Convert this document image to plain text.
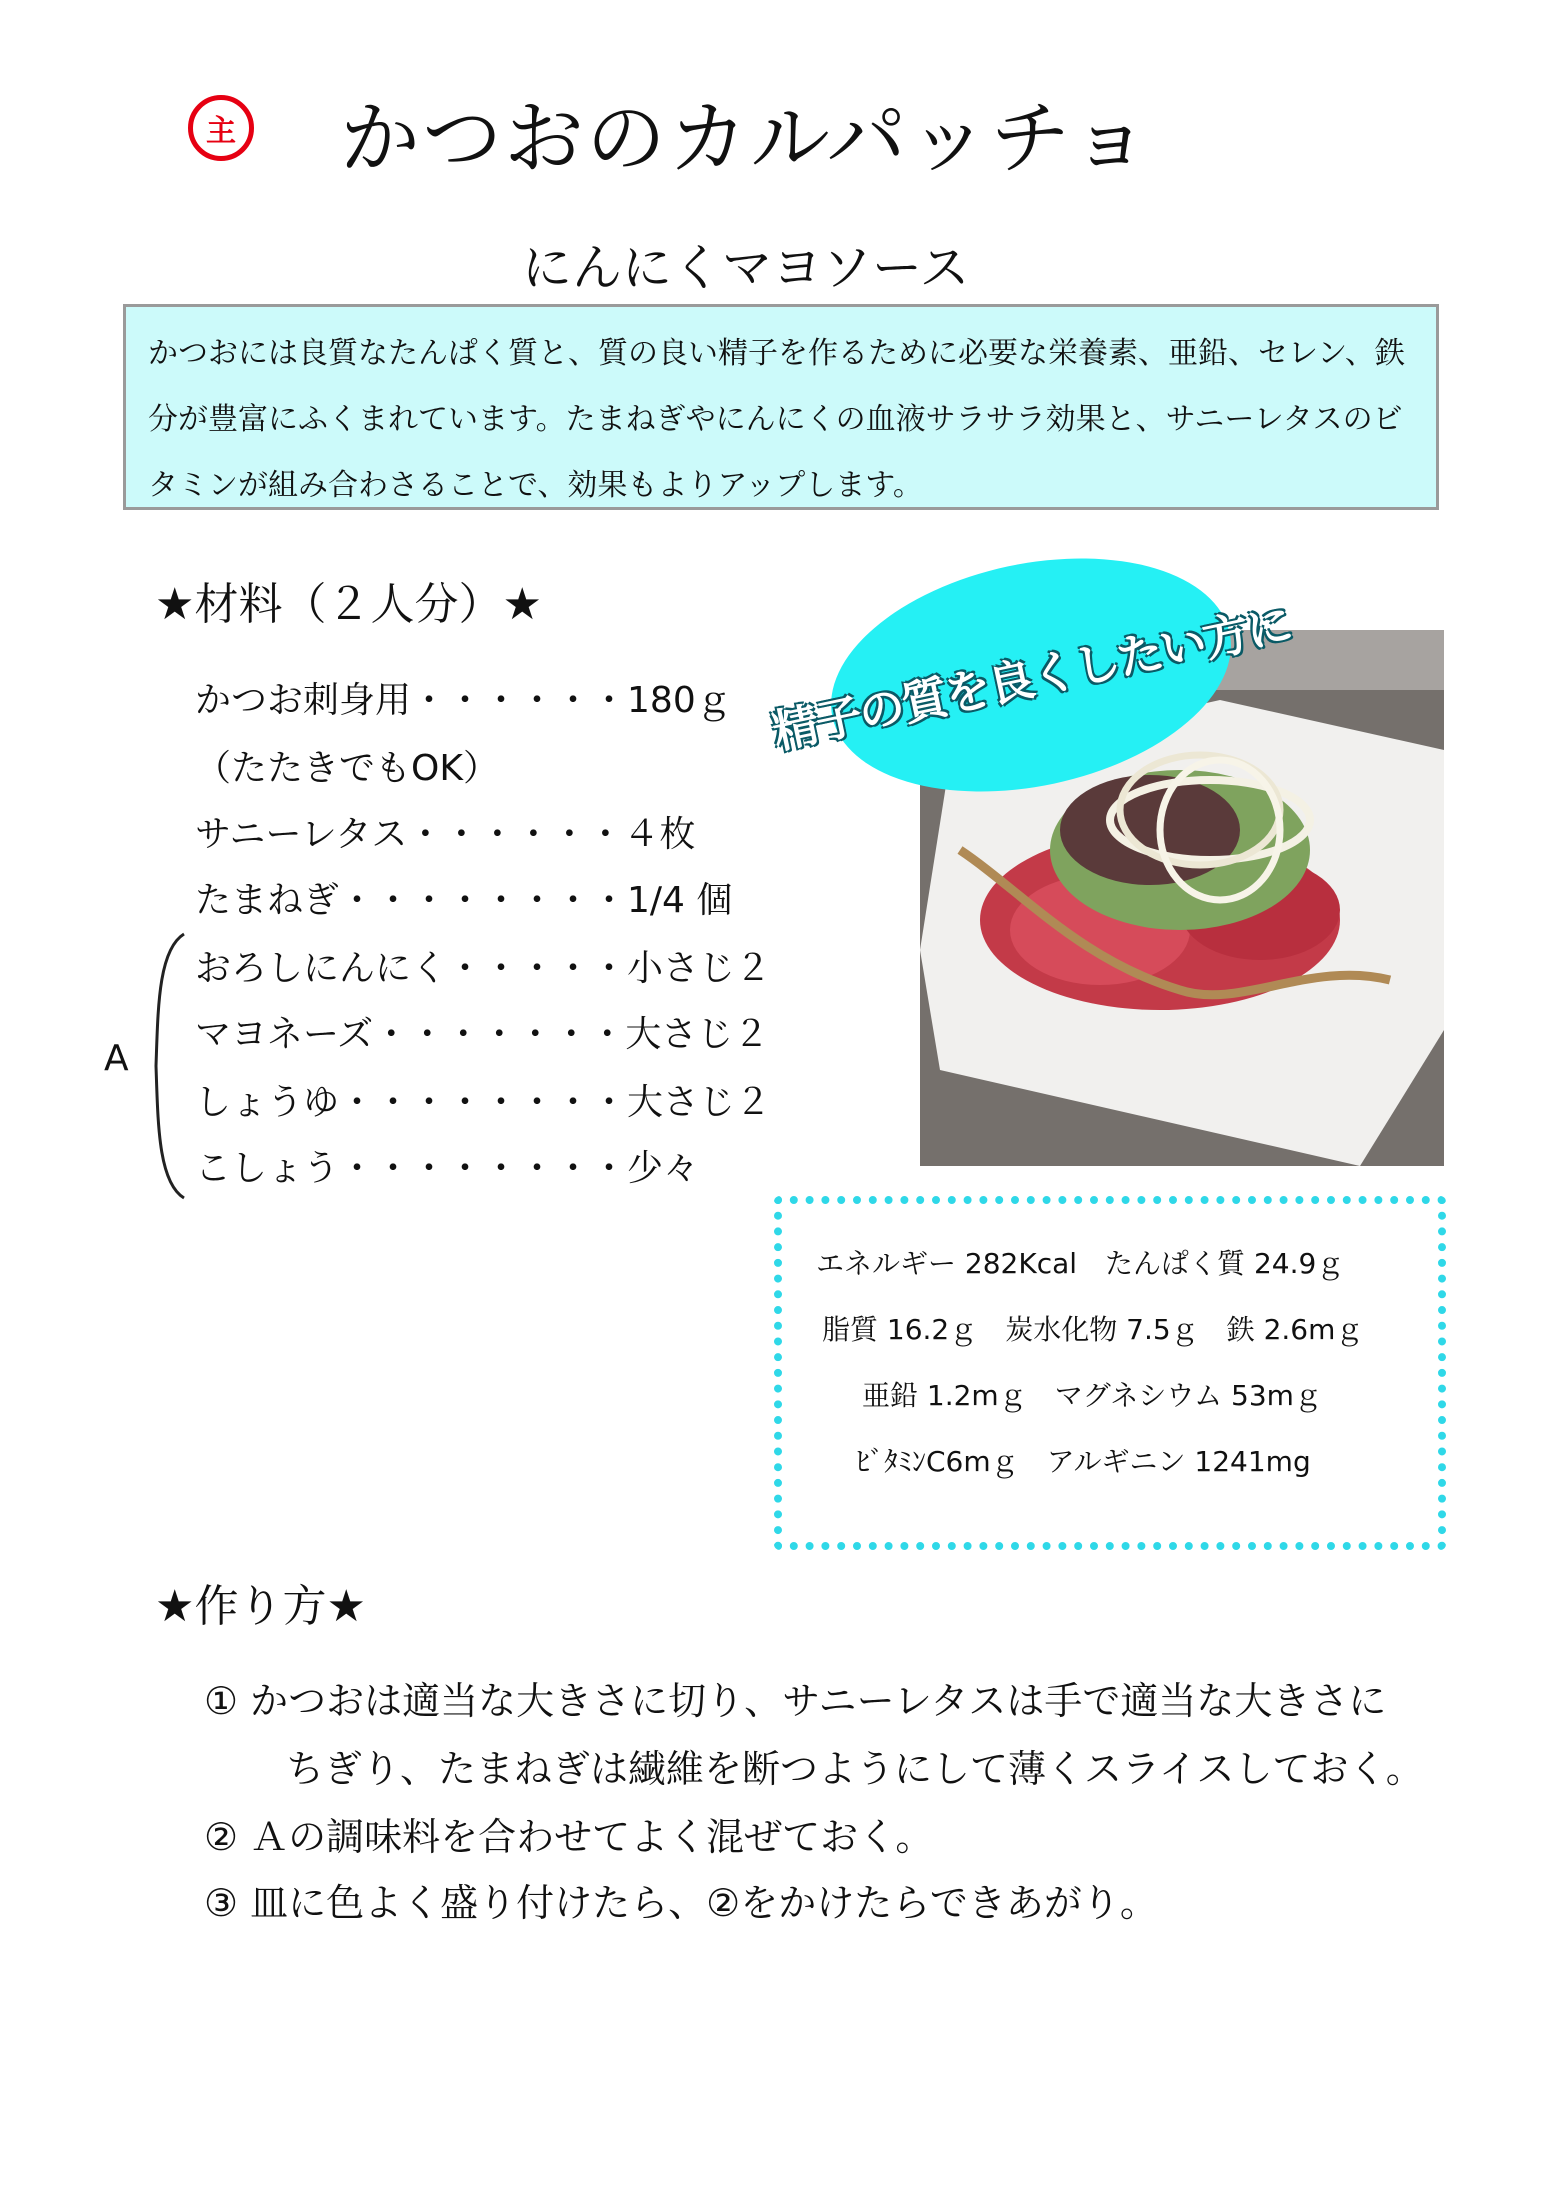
主 かつおのカルパッチョ
にんにくマヨソース
かつおには良質なたんぱく質と、質の良い精子を作るために必要な栄養素、亜鉛、セレン、鉄分が豊富にふくまれています。たまねぎやにんにくの血液サラサラ効果と、サニーレタスのビタミンが組み合わさることで、効果もよりアップします。
★材料（２人分）★
かつお刺身用・・・・・・180ｇ
（たたきでもOK）
サニーレタス・・・・・・４枚
たまねぎ・・・・・・・・1/4 個
おろしにんにく・・・・・小さじ２
マヨネーズ・・・・・・・大さじ２
しょうゆ・・・・・・・・大さじ２
こしょう・・・・・・・・少々
A
精子の質を良くしたい方に
エネルギー 282Kcal　たんぱく質 24.9ｇ
脂質 16.2ｇ　炭水化物 7.5ｇ　鉄 2.6mｇ
亜鉛 1.2mｇ　マグネシウム 53mｇ
ﾋﾞﾀﾐﾝC6mｇ　アルギニン 1241mg
★作り方★
① かつおは適当な大きさに切り、サニーレタスは手で適当な大きさに
ちぎり、たまねぎは繊維を断つようにして薄くスライスしておく。
② Ａの調味料を合わせてよく混ぜておく。
③ 皿に色よく盛り付けたら、②をかけたらできあがり。
